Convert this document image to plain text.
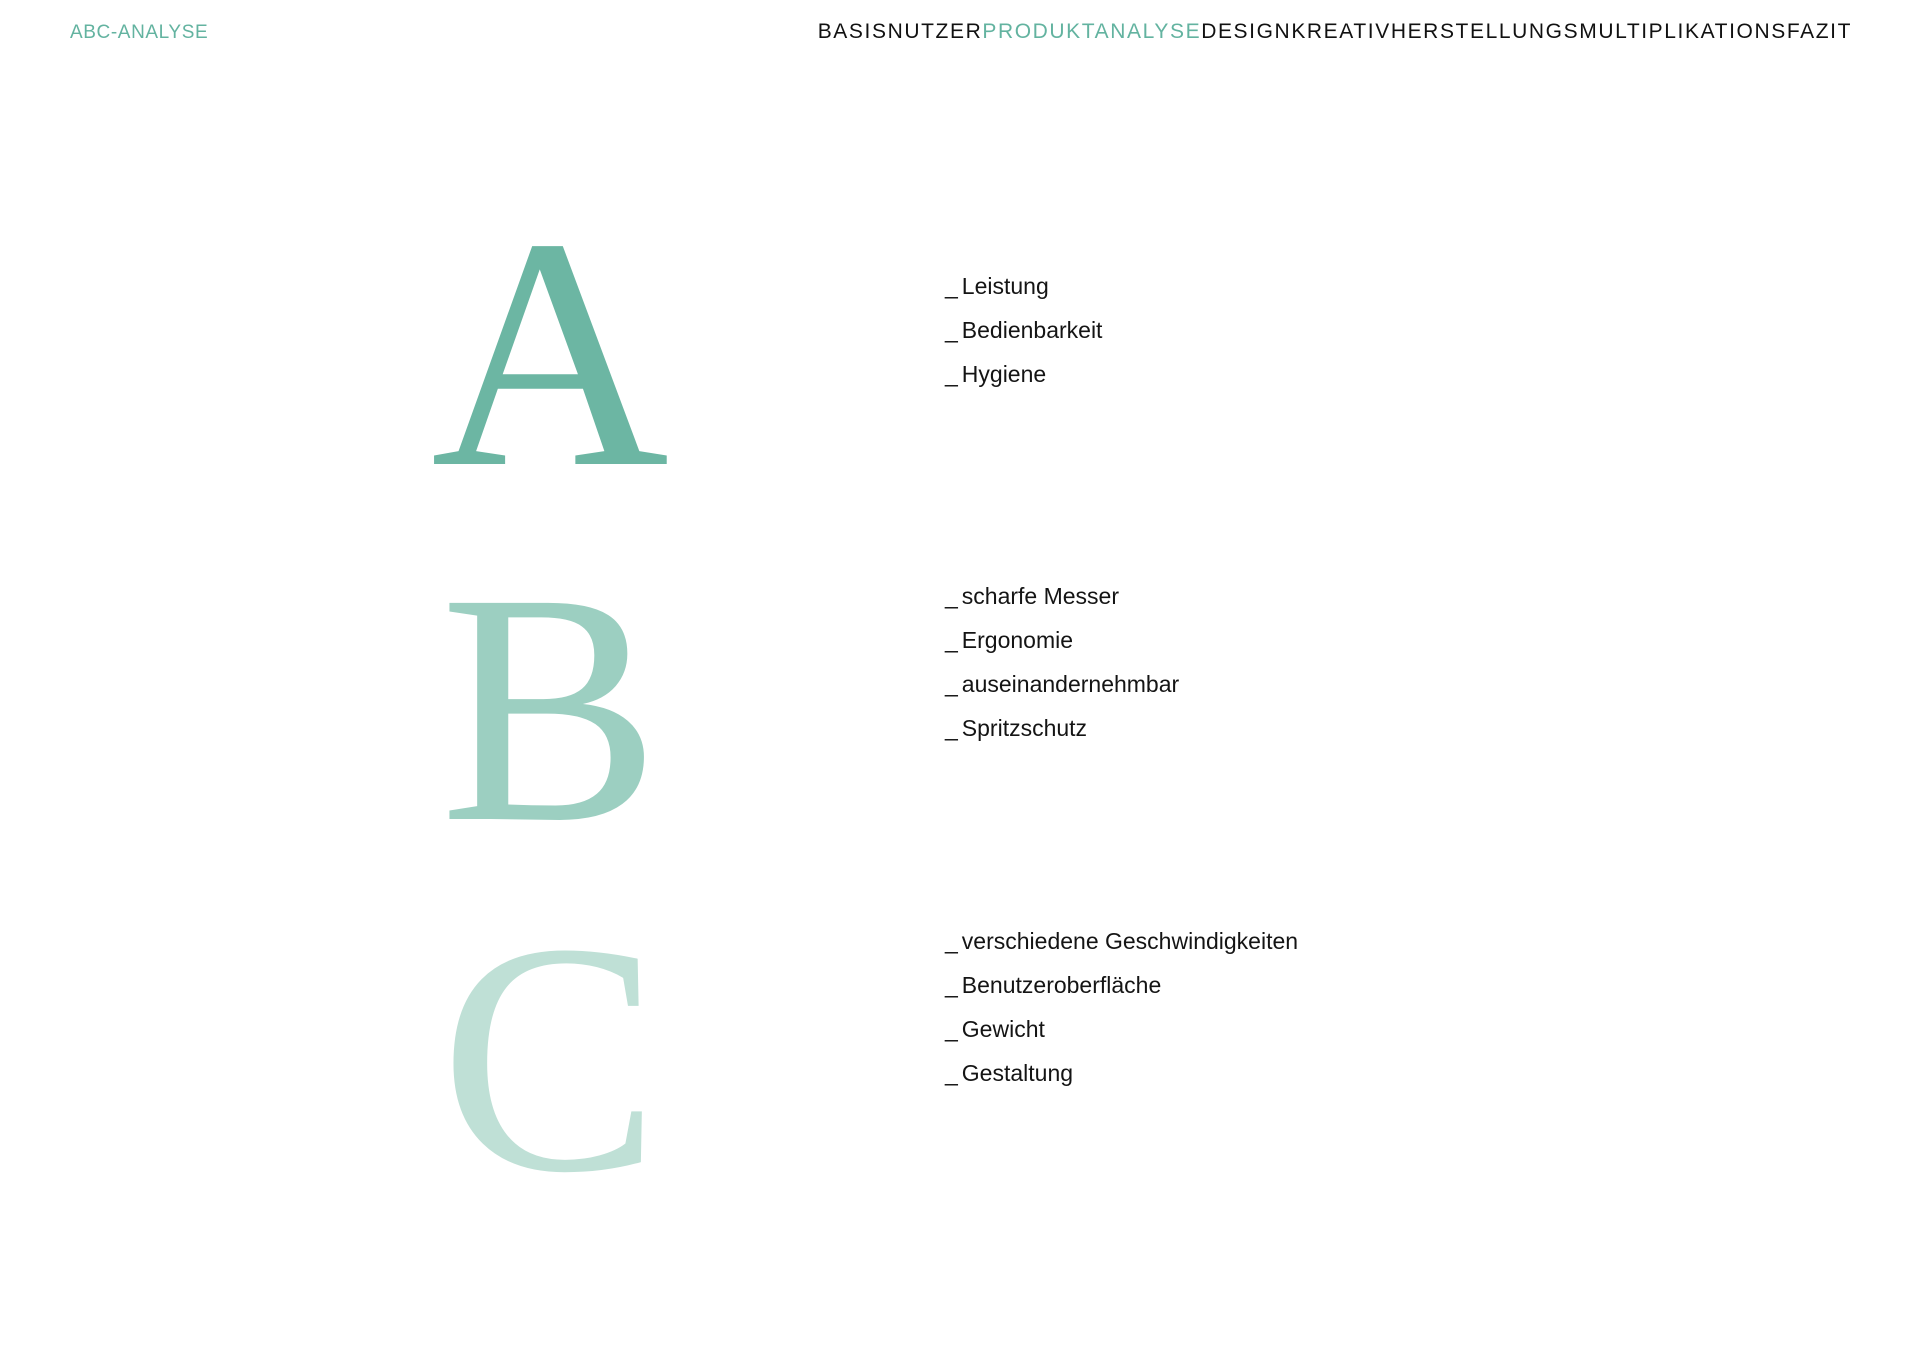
ABC-ANALYSE	BASISNUTZERPRODUKTANALYSEDESIGNKREATIVHERSTELLUNGSMULTIPLIKATIONSFAZIT
A	_ Leistung
_ Bedienbarkeit
_ Hygiene
B	_ scharfe Messer
_ Ergonomie
_ auseinandernehmbar
_ Spritzschutz
C	_ verschiedene Geschwindigkeiten
_ Benutzeroberfläche
_ Gewicht
_ Gestaltung
